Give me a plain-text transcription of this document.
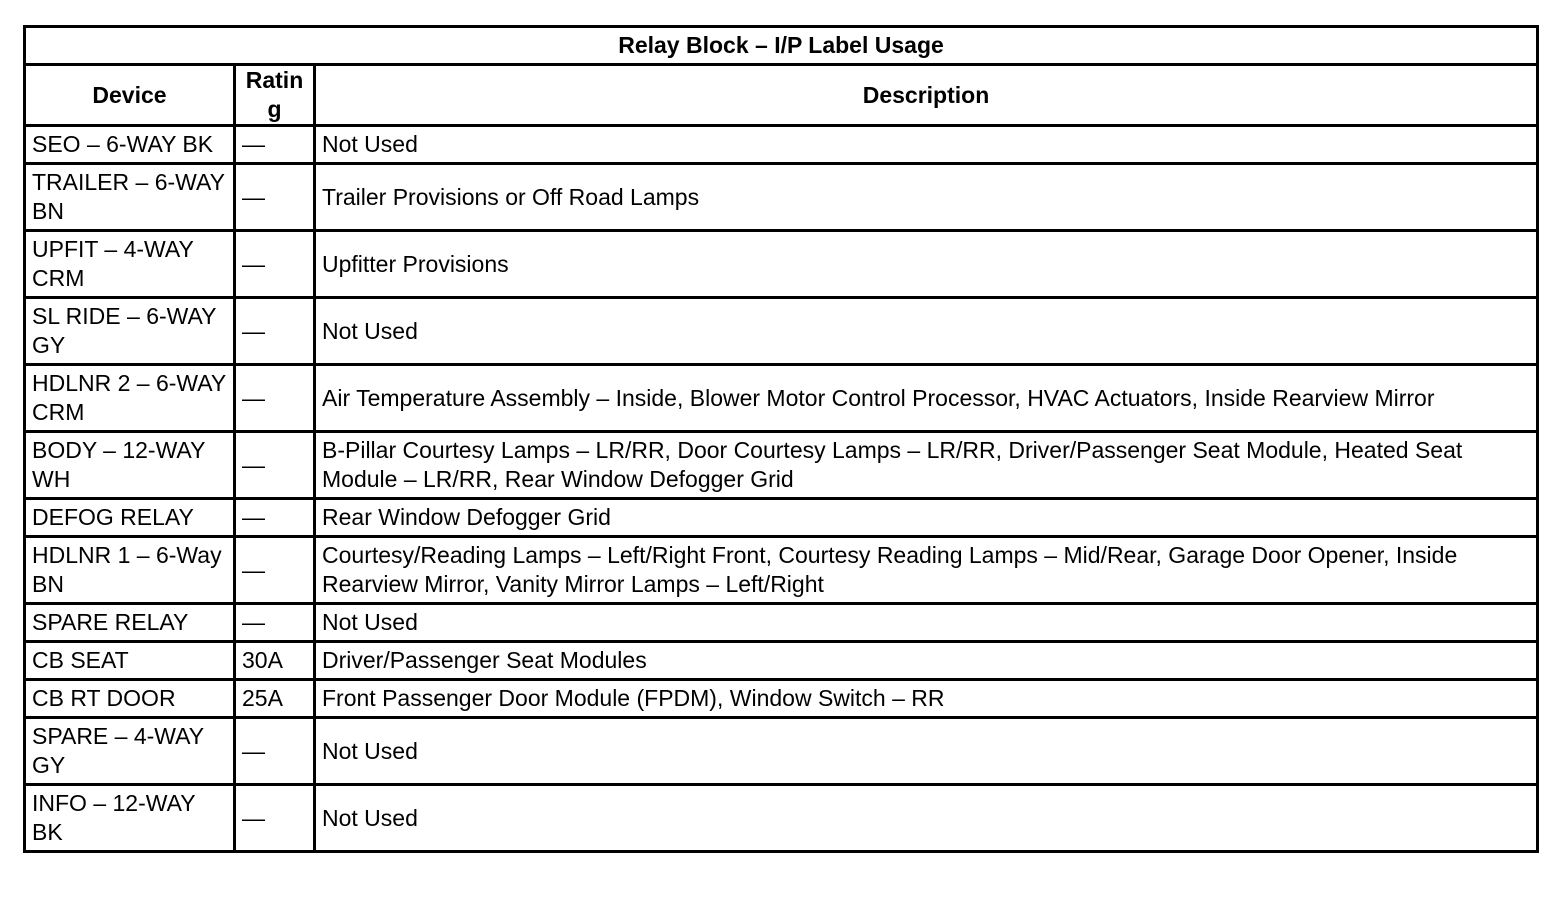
Relay Block – I/P Label Usage		
Device	Rating	Description
SEO – 6-WAY BK	—	Not Used
TRAILER – 6-WAY BN	—	Trailer Provisions or Off Road Lamps
UPFIT – 4-WAY CRM	—	Upfitter Provisions
SL RIDE – 6-WAY GY	—	Not Used
HDLNR 2 – 6-WAY CRM	—	Air Temperature Assembly – Inside, Blower Motor Control Processor, HVAC Actuators, Inside Rearview Mirror
BODY – 12-WAY WH	—	B-Pillar Courtesy Lamps – LR/RR, Door Courtesy Lamps – LR/RR, Driver/Passenger Seat Module, Heated Seat Module – LR/RR, Rear Window Defogger Grid
DEFOG RELAY	—	Rear Window Defogger Grid
HDLNR 1 – 6-Way BN	—	Courtesy/Reading Lamps – Left/Right Front, Courtesy Reading Lamps – Mid/Rear, Garage Door Opener, Inside Rearview Mirror, Vanity Mirror Lamps – Left/Right
SPARE RELAY	—	Not Used
CB SEAT	30A	Driver/Passenger Seat Modules
CB RT DOOR	25A	Front Passenger Door Module (FPDM), Window Switch – RR
SPARE – 4-WAY GY	—	Not Used
INFO – 12-WAY BK	—	Not Used
